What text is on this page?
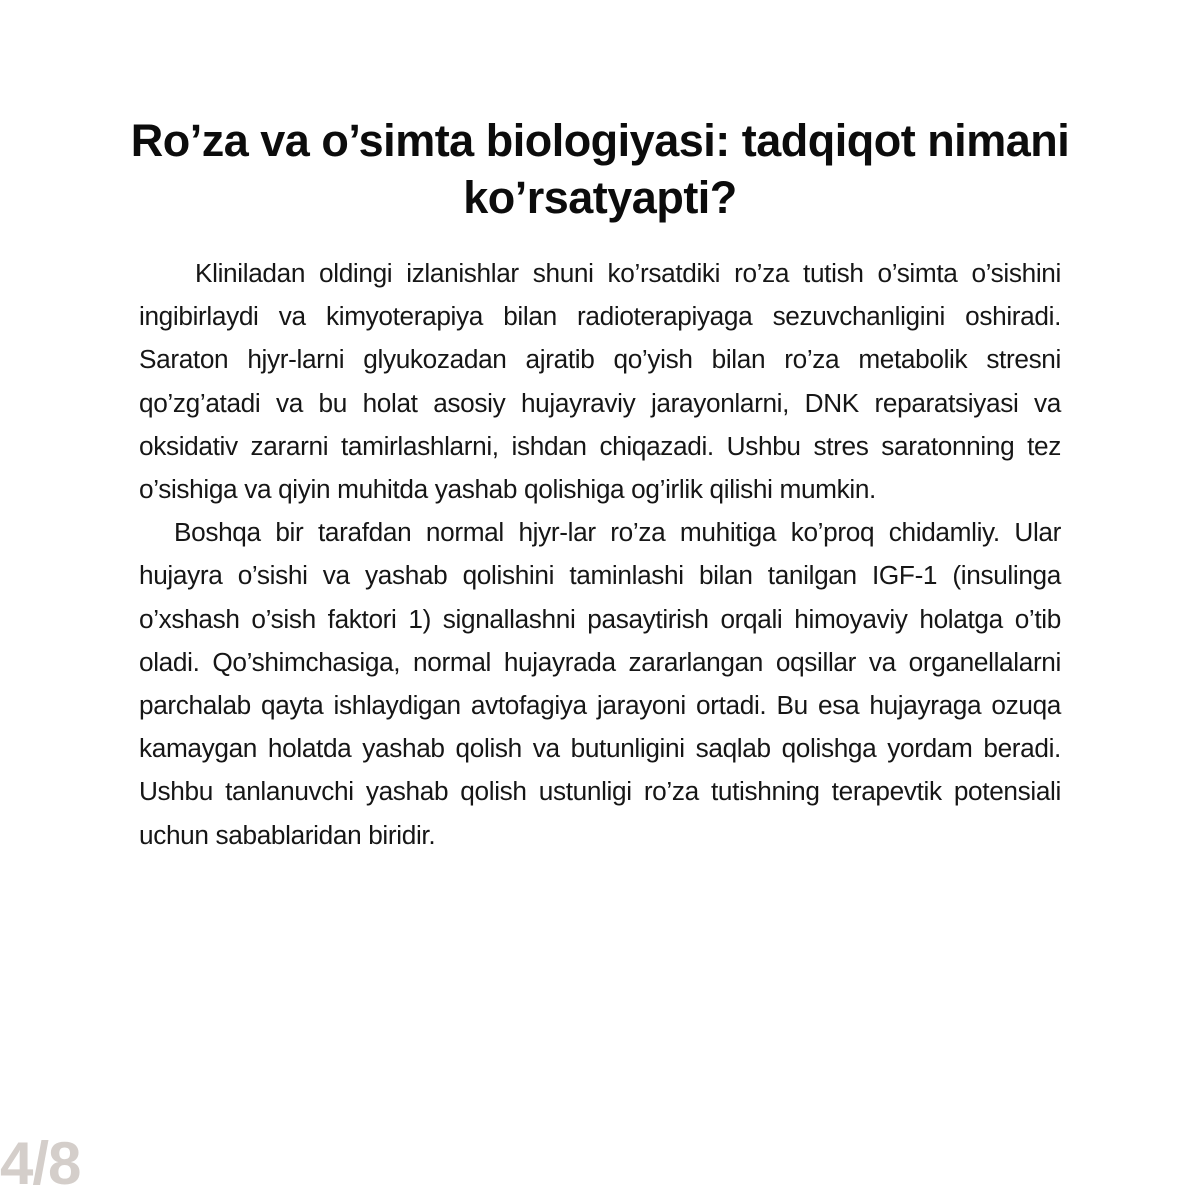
Ro’za va o’simta biologiyasi: tadqiqot nimani ko’rsatyapti?

Kliniladan oldingi izlanishlar shuni ko’rsatdiki ro’za tutish o’simta o’sishini ingibirlaydi va kimyoterapiya bilan radioterapiyaga sezuvchanligini oshiradi. Saraton hjyr-larni glyukozadan ajratib qo’yish bilan ro’za metabolik stresni qo’zg’atadi va bu holat asosiy hujayraviy jarayonlarni, DNK reparatsiyasi va oksidativ zararni tamirlashlarni, ishdan chiqazadi. Ushbu stres saratonning tez o’sishiga va qiyin muhitda yashab qolishiga og’irlik qilishi mumkin.

Boshqa bir tarafdan normal hjyr-lar ro’za muhitiga ko’proq chidamliy. Ular hujayra o’sishi va yashab qolishini taminlashi bilan tanilgan IGF-1 (insulinga o’xshash o’sish faktori 1) signallashni pasaytirish orqali himoyaviy holatga o’tib oladi. Qo’shimchasiga, normal hujayrada zararlangan oqsillar va organellalarni parchalab qayta ishlaydigan avtofagiya jarayoni ortadi. Bu esa hujayraga ozuqa kamaygan holatda yashab qolish va butunligini saqlab qolishga yordam beradi. Ushbu tanlanuvchi yashab qolish ustunligi ro’za tutishning terapevtik potensiali uchun sabablaridan biridir.

4/8
